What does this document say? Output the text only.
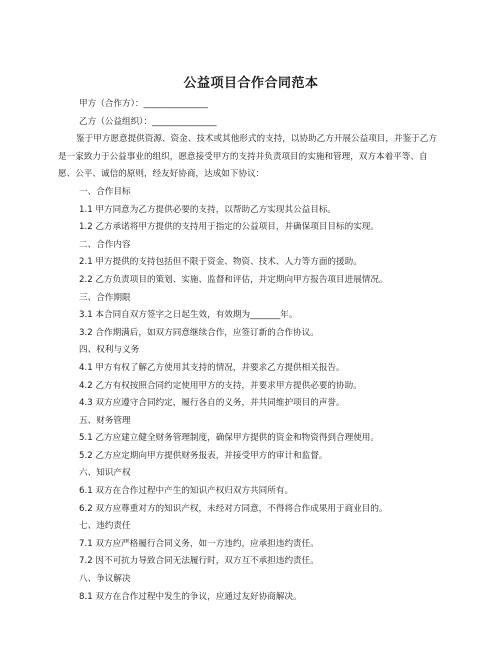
公益项目合作合同范本
甲方（合作方）：_______________
乙方（公益组织）：_______________
鉴于甲方愿意提供资源、资金、技术或其他形式的支持，以协助乙方开展公益项目，并鉴于乙方是一家致力于公益事业的组织，愿意接受甲方的支持并负责项目的实施和管理，双方本着平等、自愿、公平、诚信的原则，经友好协商，达成如下协议：
一、合作目标
1.1 甲方同意为乙方提供必要的支持，以帮助乙方实现其公益目标。
1.2 乙方承诺将甲方提供的支持用于指定的公益项目，并确保项目目标的实现。
二、合作内容
2.1 甲方提供的支持包括但不限于资金、物资、技术、人力等方面的援助。
2.2 乙方负责项目的策划、实施、监督和评估，并定期向甲方报告项目进展情况。
三、合作期限
3.1 本合同自双方签字之日起生效，有效期为_______年。
3.2 合作期满后，如双方同意继续合作，应签订新的合作协议。
四、权利与义务
4.1 甲方有权了解乙方使用其支持的情况，并要求乙方提供相关报告。
4.2 乙方有权按照合同约定使用甲方的支持，并要求甲方提供必要的协助。
4.3 双方应遵守合同约定，履行各自的义务，并共同维护项目的声誉。
五、财务管理
5.1 乙方应建立健全财务管理制度，确保甲方提供的资金和物资得到合理使用。
5.2 乙方应定期向甲方提供财务报表，并接受甲方的审计和监督。
六、知识产权
6.1 双方在合作过程中产生的知识产权归双方共同所有。
6.2 双方应尊重对方的知识产权，未经对方同意，不得将合作成果用于商业目的。
七、违约责任
7.1 双方应严格履行合同义务，如一方违约，应承担违约责任。
7.2 因不可抗力导致合同无法履行时，双方互不承担违约责任。
八、争议解决
8.1 双方在合作过程中发生的争议，应通过友好协商解决。
